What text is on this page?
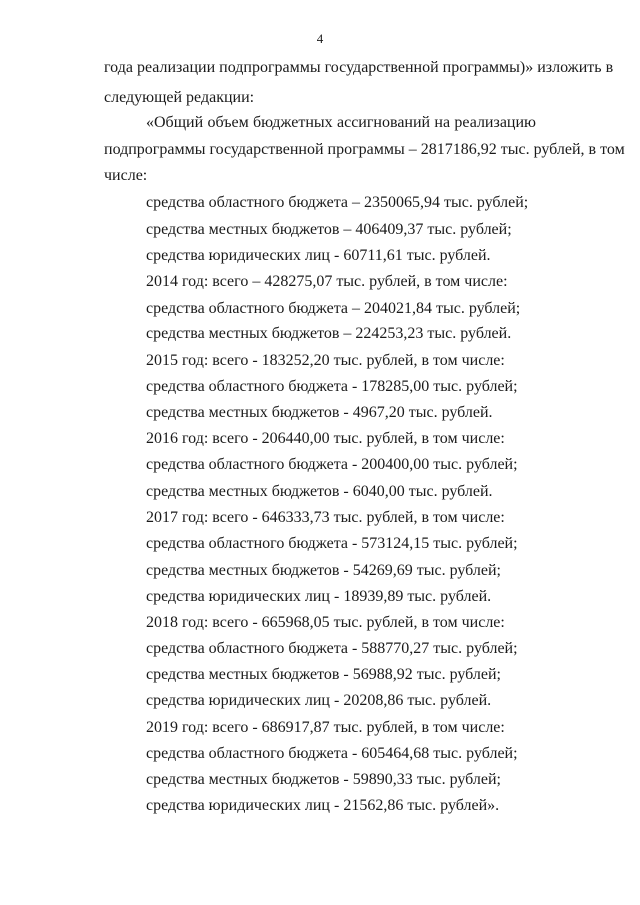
4
года реализации подпрограммы государственной программы)» изложить в
следующей редакции:
«Общий объем бюджетных ассигнований на реализацию
подпрограммы государственной программы – 2817186,92 тыс. рублей, в том
числе:
средства областного бюджета – 2350065,94 тыс. рублей;
средства местных бюджетов – 406409,37 тыс. рублей;
средства юридических лиц - 60711,61 тыс. рублей.
2014 год: всего – 428275,07 тыс. рублей, в том числе:
средства областного бюджета – 204021,84 тыс. рублей;
средства местных бюджетов – 224253,23 тыс. рублей.
2015 год: всего - 183252,20 тыс. рублей, в том числе:
средства областного бюджета - 178285,00 тыс. рублей;
средства местных бюджетов - 4967,20 тыс. рублей.
2016 год: всего - 206440,00 тыс. рублей, в том числе:
средства областного бюджета - 200400,00 тыс. рублей;
средства местных бюджетов - 6040,00 тыс. рублей.
2017 год: всего - 646333,73 тыс. рублей, в том числе:
средства областного бюджета - 573124,15 тыс. рублей;
средства местных бюджетов - 54269,69 тыс. рублей;
средства юридических лиц - 18939,89 тыс. рублей.
2018 год: всего - 665968,05 тыс. рублей, в том числе:
средства областного бюджета - 588770,27 тыс. рублей;
средства местных бюджетов - 56988,92 тыс. рублей;
средства юридических лиц - 20208,86 тыс. рублей.
2019 год: всего - 686917,87 тыс. рублей, в том числе:
средства областного бюджета - 605464,68 тыс. рублей;
средства местных бюджетов - 59890,33 тыс. рублей;
средства юридических лиц - 21562,86 тыс. рублей».
